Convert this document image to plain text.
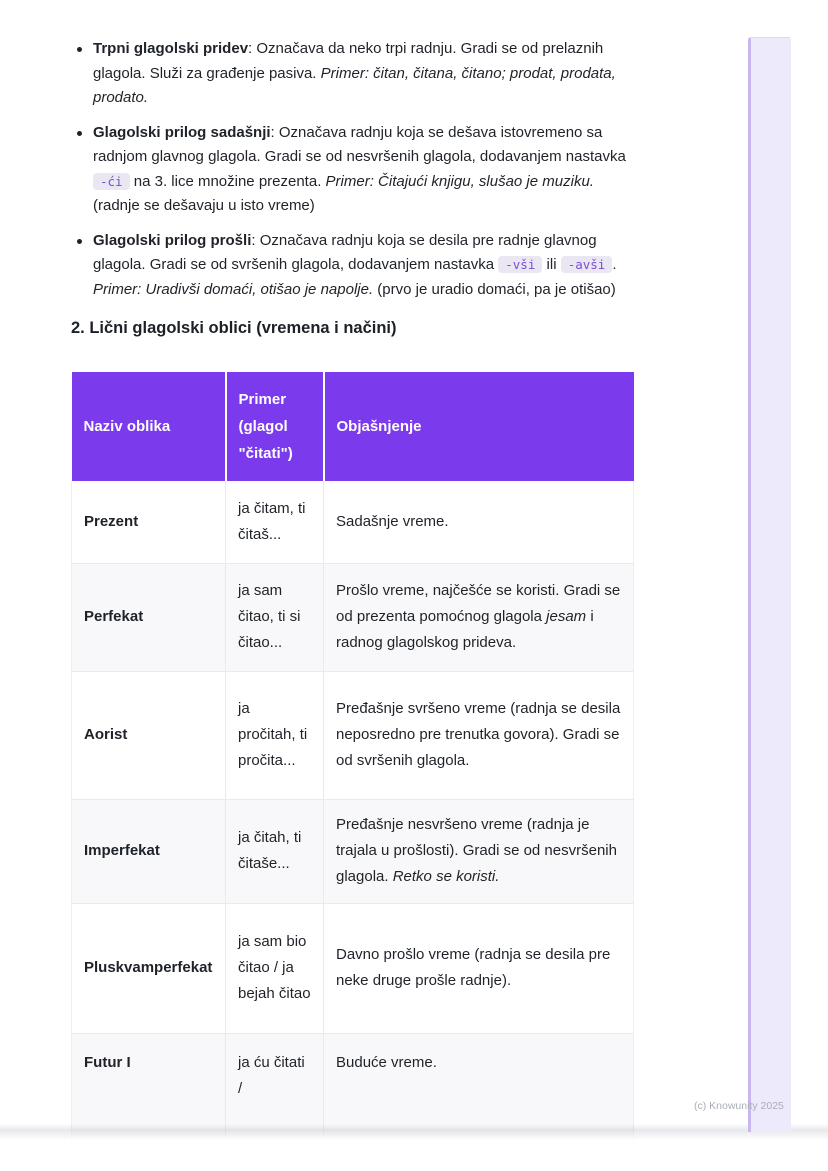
Trpni glagolski pridev: Označava da neko trpi radnju. Gradi se od prelaznih glagola. Služi za građenje pasiva. Primer: čitan, čitana, čitano; prodat, prodata, prodato.
Glagolski prilog sadašnji: Označava radnju koja se dešava istovremeno sa radnjom glavnog glagola. Gradi se od nesvršenih glagola, dodavanjem nastavka -ći na 3. lice množine prezenta. Primer: Čitajući knjigu, slušao je muziku. (radnje se dešavaju u isto vreme)
Glagolski prilog prošli: Označava radnju koja se desila pre radnje glavnog glagola. Gradi se od svršenih glagola, dodavanjem nastavka -vši ili -avši . Primer: Uradivši domaći, otišao je napolje. (prvo je uradio domaći, pa je otišao)
2. Lični glagolski oblici (vremena i načini)
Naziv oblika	Primer (glagol "čitati")	Objašnjenje
Prezent	ja čitam, ti čitaš...	Sadašnje vreme.
Perfekat	ja sam čitao, ti si čitao...	Prošlo vreme, najčešće se koristi. Gradi se od prezenta pomoćnog glagola jesam i radnog glagolskog prideva.
Aorist	ja pročitah, ti pročita...	Pređašnje svršeno vreme (radnja se desila neposredno pre trenutka govora). Gradi se od svršenih glagola.
Imperfekat	ja čitah, ti čitaše...	Pređašnje nesvršeno vreme (radnja je trajala u prošlosti). Gradi se od nesvršenih glagola. Retko se koristi.
Pluskvamperfekat	ja sam bio čitao / ja bejah čitao	Davno prošlo vreme (radnja se desila pre neke druge prošle radnje).
Futur I	ja ću čitati /	Buduće vreme.
(c) Knowunity 2025
